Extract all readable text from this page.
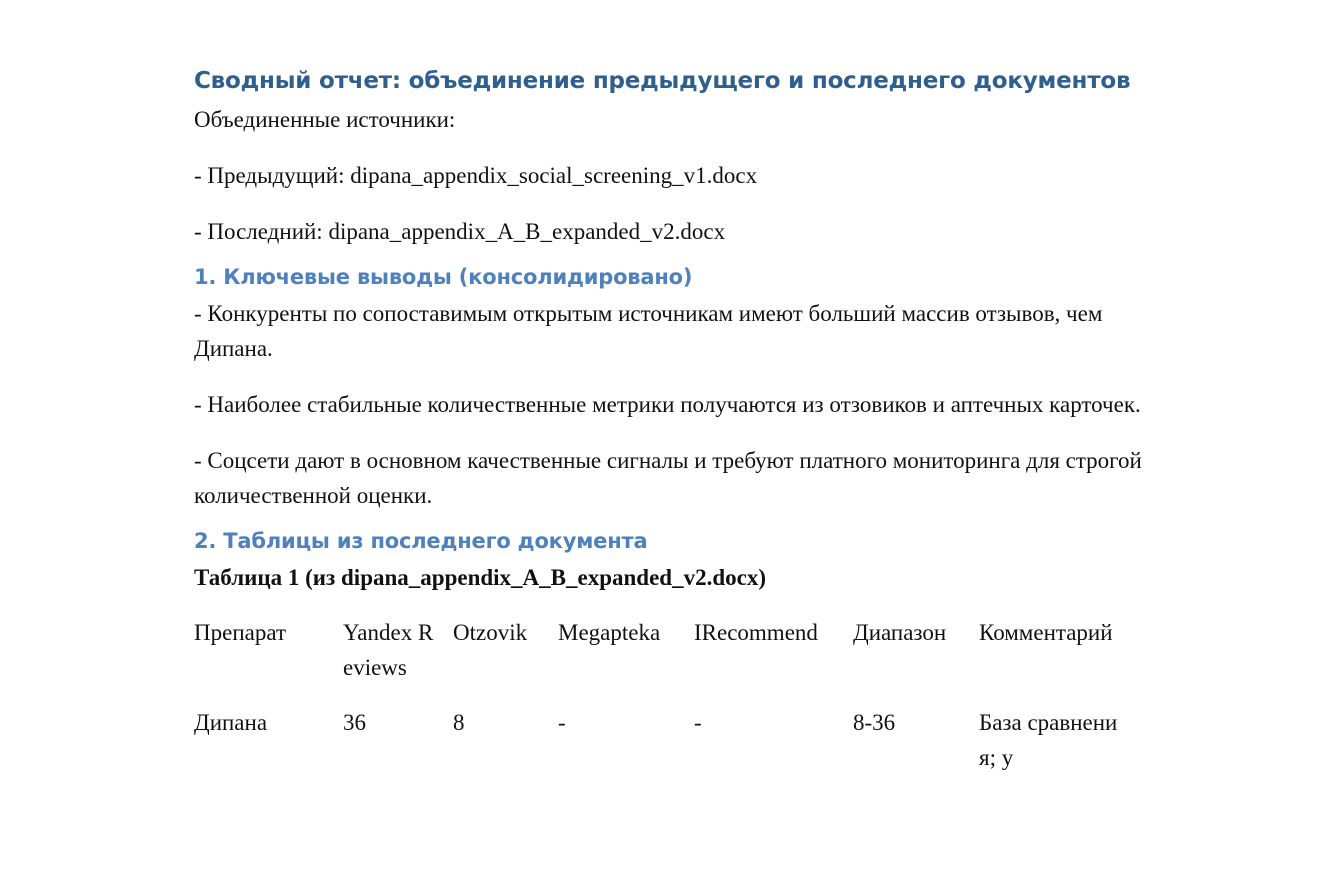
Сводный отчет: объединение предыдущего и последнего документов

Объединенные источники:

- Предыдущий: dipana_appendix_social_screening_v1.docx

- Последний: dipana_appendix_A_B_expanded_v2.docx

1. Ключевые выводы (консолидировано)

- Конкуренты по сопоставимым открытым источникам имеют больший массив отзывов, чем Дипана.

- Наиболее стабильные количественные метрики получаются из отзовиков и аптечных карточек.

- Соцсети дают в основном качественные сигналы и требуют платного мониторинга для строгой количественной оценки.

2. Таблицы из последнего документа

Таблица 1 (из dipana_appendix_A_B_expanded_v2.docx)

Препарат	Yandex Reviews	Otzovik	Megapteka	IRecommend	Диапазон	Комментарий
Дипана	36	8	-	-	8-36	База сравнения; у
